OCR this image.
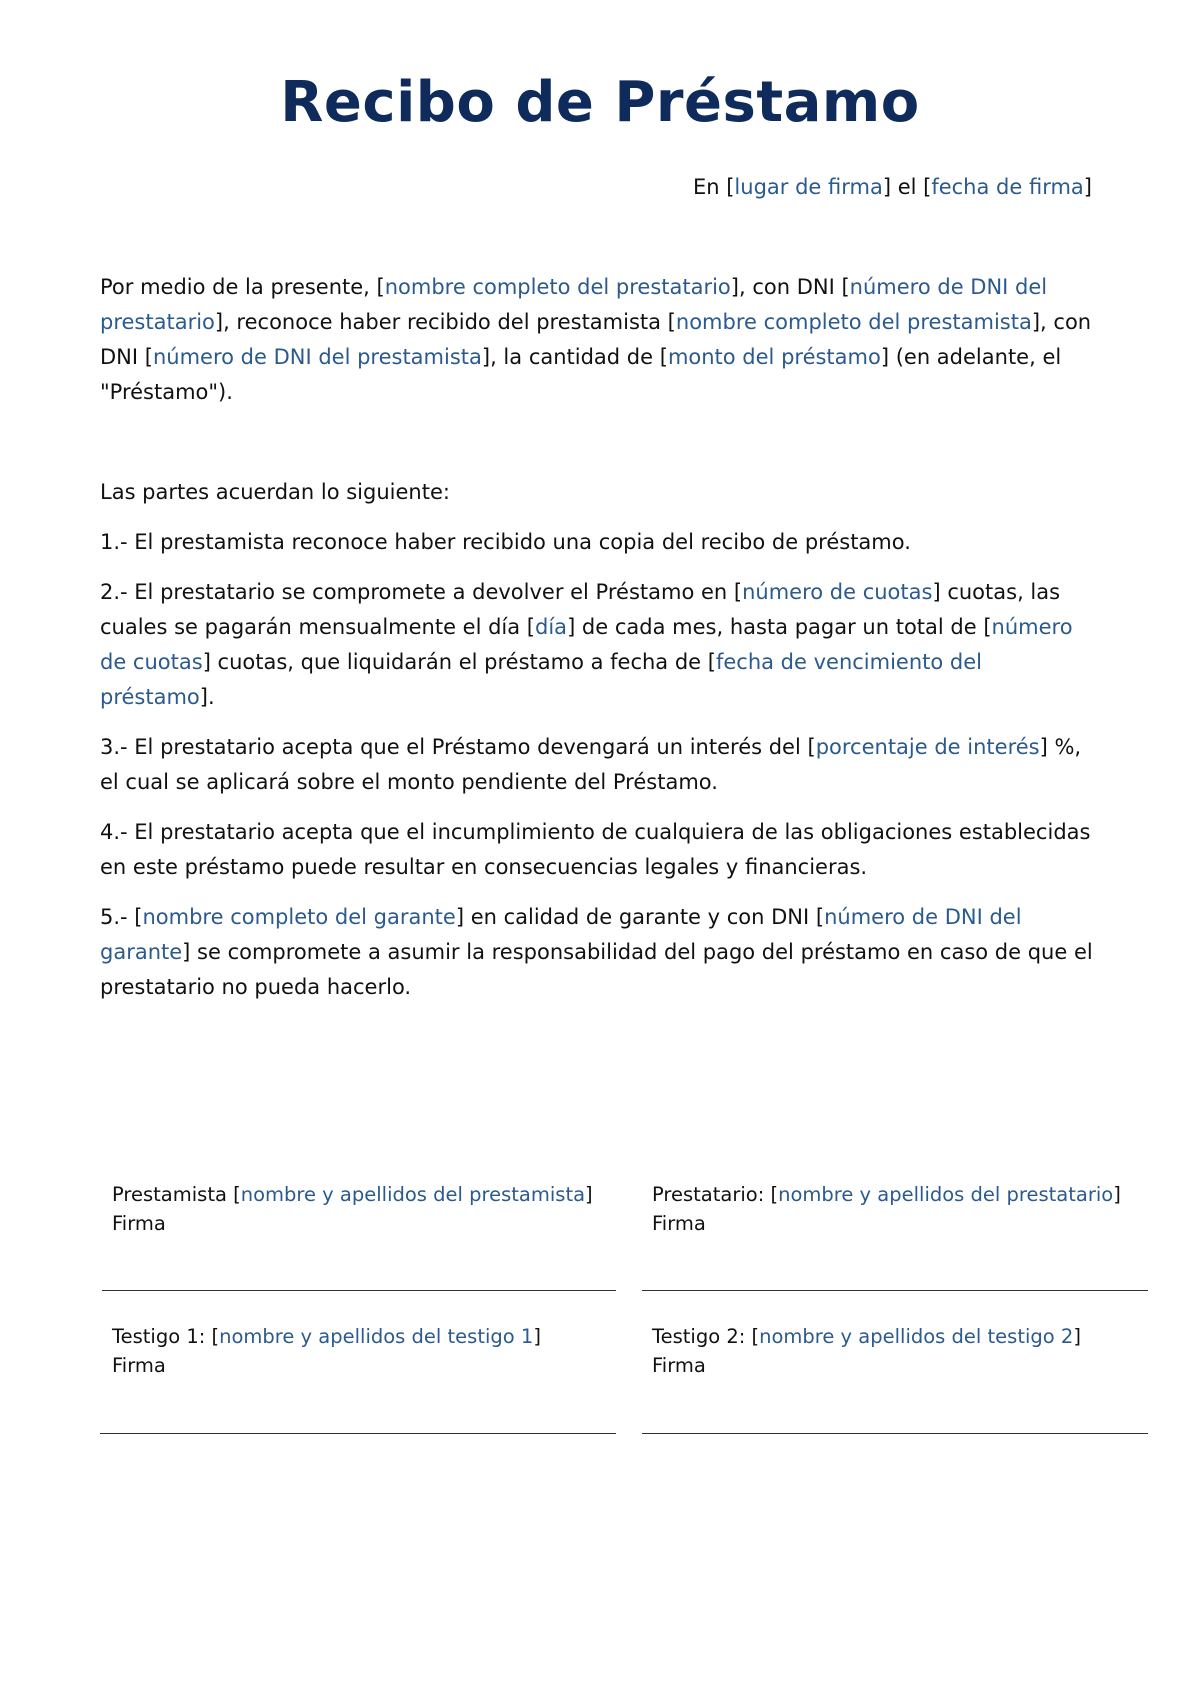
Recibo de Préstamo
En [lugar de firma] el [fecha de firma]

Por medio de la presente, [nombre completo del prestatario], con DNI [número de DNI del prestatario], reconoce haber recibido del prestamista [nombre completo del prestamista], con DNI [número de DNI del prestamista], la cantidad de [monto del préstamo] (en adelante, el "Préstamo").

Las partes acuerdan lo siguiente:

1.- El prestamista reconoce haber recibido una copia del recibo de préstamo.

2.- El prestatario se compromete a devolver el Préstamo en [número de cuotas] cuotas, las cuales se pagarán mensualmente el día [día] de cada mes, hasta pagar un total de [número de cuotas] cuotas, que liquidarán el préstamo a fecha de [fecha de vencimiento del préstamo].

3.- El prestatario acepta que el Préstamo devengará un interés del [porcentaje de interés] %, el cual se aplicará sobre el monto pendiente del Préstamo.

4.- El prestatario acepta que el incumplimiento de cualquiera de las obligaciones establecidas en este préstamo puede resultar en consecuencias legales y financieras.

5.- [nombre completo del garante] en calidad de garante y con DNI [número de DNI del garante] se compromete a asumir la responsabilidad del pago del préstamo en caso de que el prestatario no pueda hacerlo.

Prestamista [nombre y apellidos del prestamista]
Firma
Prestatario: [nombre y apellidos del prestatario]
Firma
Testigo 1: [nombre y apellidos del testigo 1]
Firma
Testigo 2: [nombre y apellidos del testigo 2]
Firma
